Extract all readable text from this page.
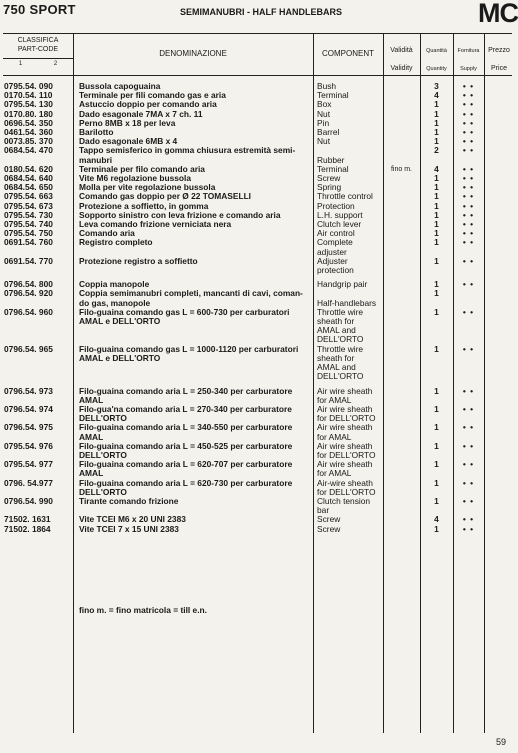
750 SPORT	SEMIMANUBRI - HALF HANDLEBARS	MC
CLASSIFICA
PART-CODE
1	2
DENOMINAZIONE	COMPONENT	Validità
Validity
Quantità
Quantity
Fornitura
Supply
Prezzo
Price
0795.54. 090	Bussola capoguaina	Bush	3	• •
0170.54. 110	Terminale per fili comando gas e aria	Terminal	4	• •
0795.54. 130	Astuccio doppio per comando aria	Box	1	• •
0170.80. 180	Dado esagonale 7MA x 7 ch. 11	Nut	1	• •
0696.54. 350	Perno 8MB x 18 per leva	Pin	1	• •
0461.54. 360	Barilotto	Barrel	1	• •
0073.85. 370	Dado esagonale 6MB x 4	Nut	1	• •
0684.54. 470	Tappo semisferico in gomma chiusura estremità semi-
manubri	
Rubber
2	• •
0180.54. 620	Terminale per filo comando aria	Terminal	fino m.	4	• •
0684.54. 640	Vite M6 regolazione bussola	Screw	1	• •
0684.54. 650	Molla per vite regolazione bussola	Spring	1	• •
0795.54. 663	Comando gas doppio per Ø 22 TOMASELLI	Throttle control	1	• •
0795.54. 673	Protezione a soffietto, in gomma	Protection	1	• •
0795.54. 730	Sopporto sinistro con leva frizione e comando aria	L.H. support	1	• •
0795.54. 740	Leva comando frizione verniciata nera	Clutch lever	1	• •
0795.54. 750	Comando aria	Air control	1	• •
0691.54. 760	Registro completo	Complete adjuster
1	• •
0691.54. 770	Protezione registro a soffietto	Adjuster
protection
1	• •
0796.54. 800	Coppia manopole	Handgrip pair	1	• •
0796.54. 920	Coppia semimanubri completi, mancanti di cavi, coman-
do gas, manopole	
Half-handlebars
1
0796.54. 960	Filo-guaina comando gas L = 600-730 per carburatori
AMAL e DELL'ORTO
Throttle wire
sheath for
AMAL and
DELL'ORTO
1	• •
0796.54. 965	Filo-guaina comando gas L = 1000-1120 per carburatori
AMAL e DELL'ORTO
Throttle wire
sheath for
AMAL and
DELL'ORTO
1	• •
0796.54. 973	Filo-guaina comando aria L = 250-340 per carburatore
AMAL
Air wire sheath
for AMAL
1	• •
0796.54. 974	Filo-gua'na comando aria L = 270-340 per carburatore
DELL'ORTO
Air wire sheath
for DELL'ORTO
1	• •
0796.54. 975	Filo-guaina comando aria L = 340-550 per carburatore
AMAL
Air wire sheath
for AMAL
1	• •
0795.54. 976	Filo-guaina comando aria L = 450-525 per carburatore
DELL'ORTO
Air wire sheath
for DELL'ORTO
1	• •
0795.54. 977	Filo-guaina comando aria L = 620-707 per carburatore
AMAL
Air wire sheath
for AMAL
1	• •
0796. 54.977	Filo-guaina comando aria L = 620-730 per carburatore DELL'ORTO
Air-wire sheath
for DELL'ORTO
1	• •
0796.54. 990	Tirante comando frizione	Clutch tension
bar
1	• •
71502. 1631	Vite TCEI M6 x 20 UNI 2383	Screw	4	• •
71502. 1864	Vite TCEI 7 x 15 UNI 2383	Screw	1	• •
fino m. = fino matricola = till e.n.
59
